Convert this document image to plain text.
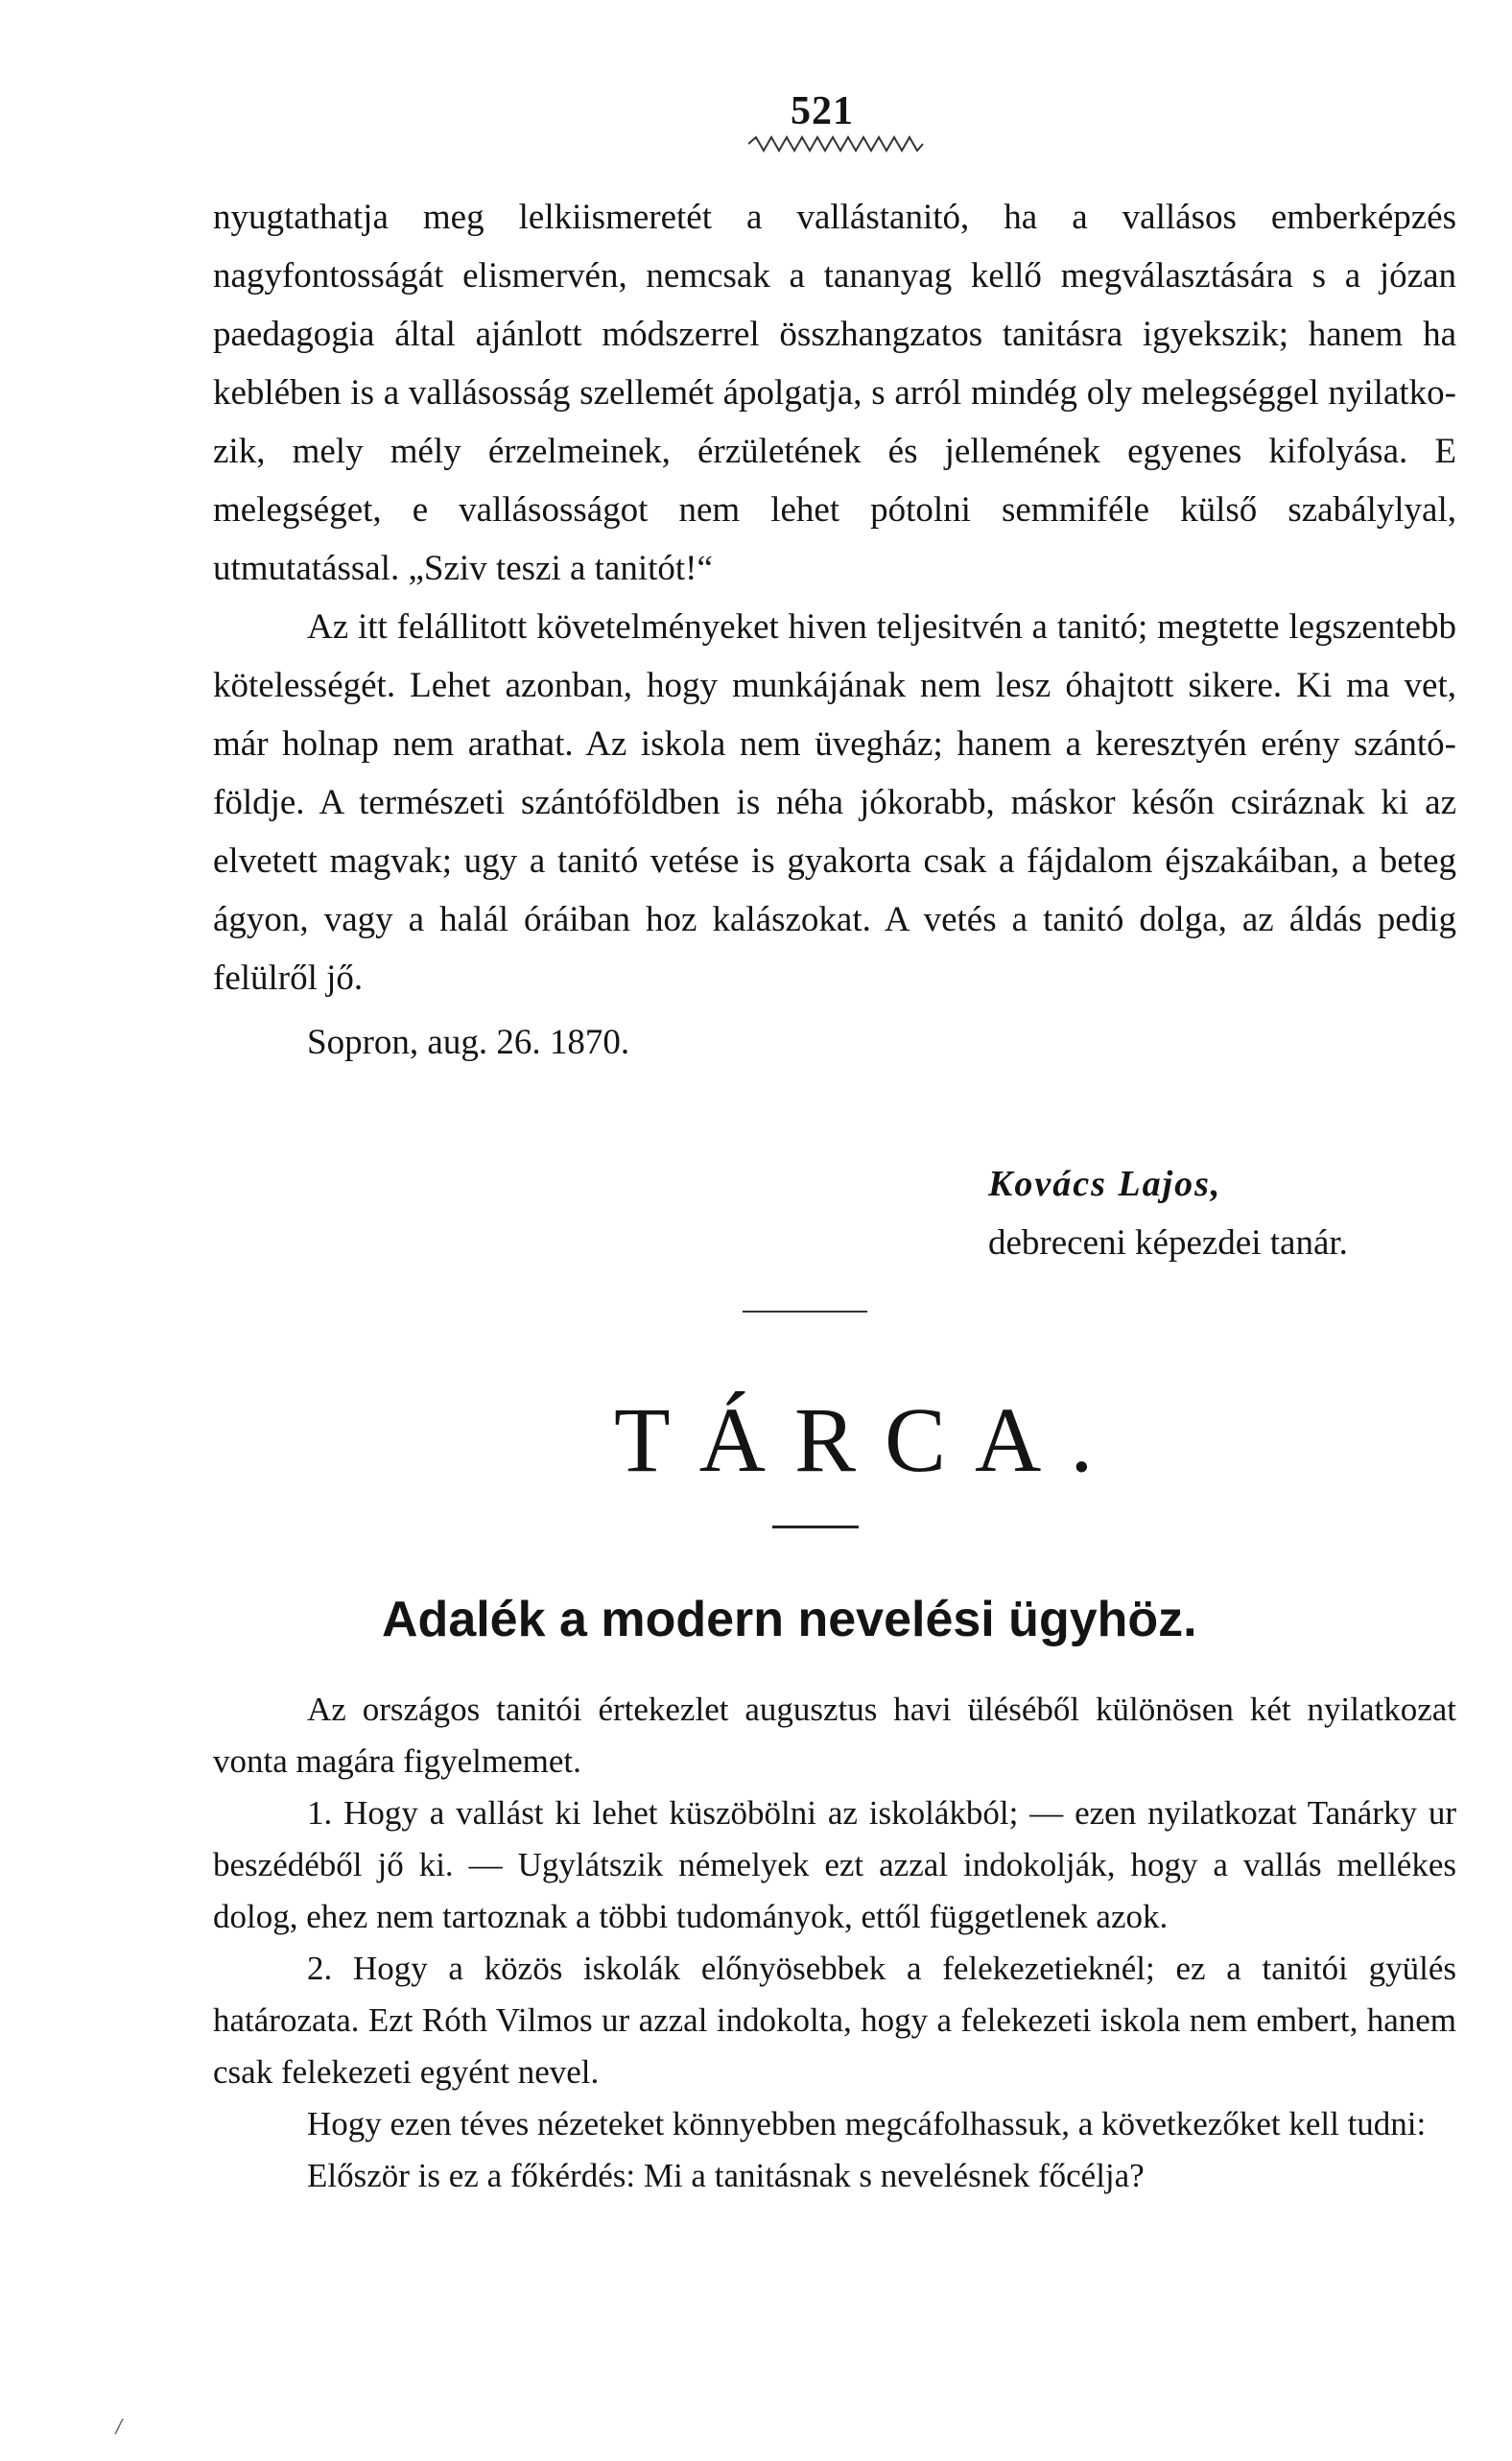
521

nyugtathatja meg lelkiismeretét a vallástanitó, ha a vallásos emberképzés nagyfontosságát elismervén, nemcsak a tananyag kellő megválasztására s a józan paedagogia által ajánlott módszerrel összhangzatos tanitásra igyekszik; hanem ha keblében is a vallásosság szellemét ápolgatja, s arról mindég oly melegséggel nyilatkozik, mely mély érzelmeinek, érzületének és jellemének egyenes kifolyása. E melegséget, e vallásosságot nem lehet pótolni semmiféle külső szabálylyal, utmutatással. „Sziv teszi a tanitót!“

Az itt felállitott követelményeket hiven teljesitvén a tanitó; megtette legszentebb kötelességét. Lehet azonban, hogy munkájának nem lesz óhajtott sikere. Ki ma vet, már holnap nem arathat. Az iskola nem üvegház; hanem a keresztyén erény szántóföldje. A természeti szántóföldben is néha jókorabb, máskor későn csiráznak ki az elvetett magvak; ugy a tanitó vetése is gyakorta csak a fájdalom éjszakáiban, a beteg ágyon, vagy a halál óráiban hoz kalászokat. A vetés a tanitó dolga, az áldás pedig felülről jő.

Sopron, aug. 26. 1870.

Kovács Lajos,
debreceni képezdei tanár.
TÁRCA.
Adalék a modern nevelési ügyhöz.

Az országos tanitói értekezlet augusztus havi üléséből különösen két nyilatkozat vonta magára figyelmemet.

1. Hogy a vallást ki lehet küszöbölni az iskolákból; — ezen nyilatkozat Tanárky ur beszédéből jő ki. — Ugylátszik némelyek ezt azzal indokolják, hogy a vallás mellékes dolog, ehez nem tartoznak a többi tudományok, ettől függetlenek azok.

2. Hogy a közös iskolák előnyösebbek a felekezetieknél; ez a tanitói gyülés határozata. Ezt Róth Vilmos ur azzal indokolta, hogy a felekezeti iskola nem embert, hanem csak felekezeti egyént nevel.

Hogy ezen téves nézeteket könnyebben megcáfolhassuk, a következőket kell tudni:

Először is ez a főkérdés: Mi a tanitásnak s nevelésnek főcélja?
